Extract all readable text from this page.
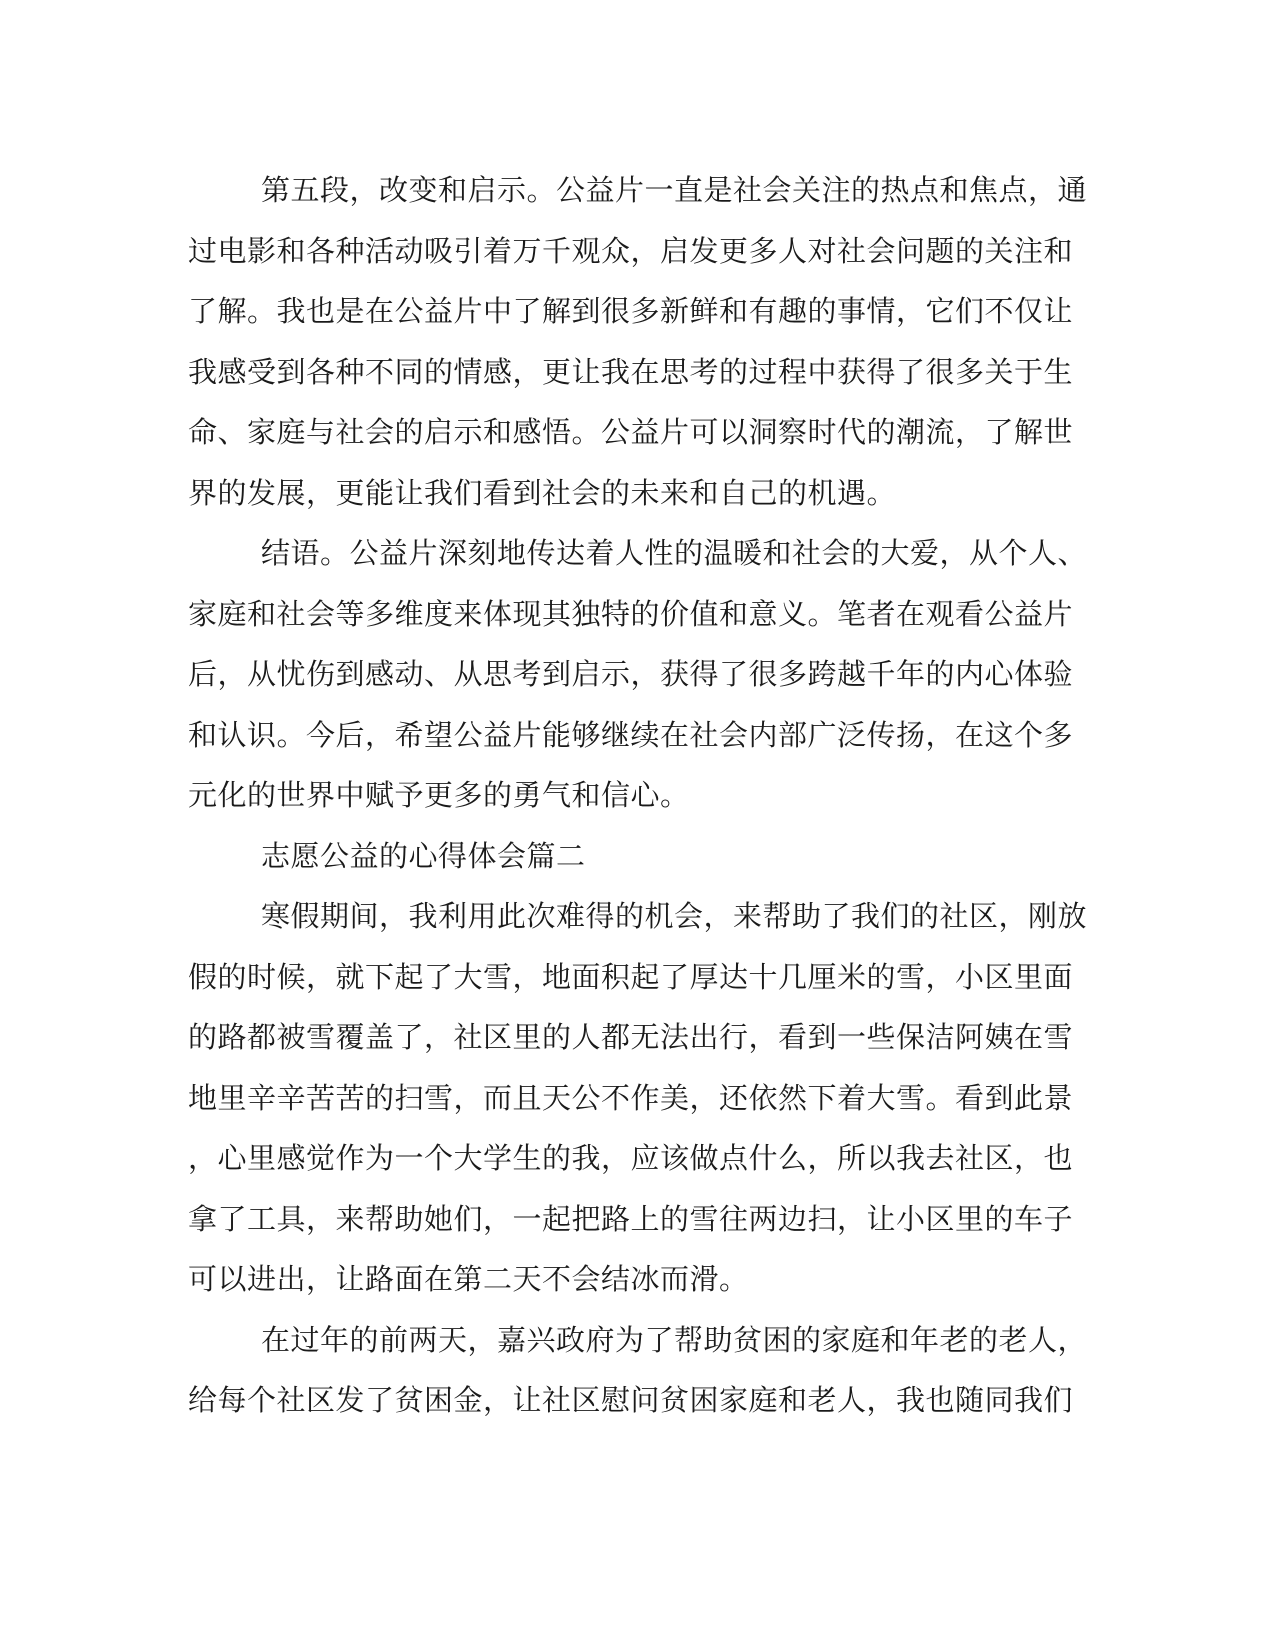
第五段，改变和启示。公益片一直是社会关注的热点和焦点，通
过电影和各种活动吸引着万千观众，启发更多人对社会问题的关注和
了解。我也是在公益片中了解到很多新鲜和有趣的事情，它们不仅让
我感受到各种不同的情感，更让我在思考的过程中获得了很多关于生
命、家庭与社会的启示和感悟。公益片可以洞察时代的潮流，了解世
界的发展，更能让我们看到社会的未来和自己的机遇。
结语。公益片深刻地传达着人性的温暖和社会的大爱，从个人、
家庭和社会等多维度来体现其独特的价值和意义。笔者在观看公益片
后，从忧伤到感动、从思考到启示，获得了很多跨越千年的内心体验
和认识。今后，希望公益片能够继续在社会内部广泛传扬，在这个多
元化的世界中赋予更多的勇气和信心。
志愿公益的心得体会篇二
寒假期间，我利用此次难得的机会，来帮助了我们的社区，刚放
假的时候，就下起了大雪，地面积起了厚达十几厘米的雪，小区里面
的路都被雪覆盖了，社区里的人都无法出行，看到一些保洁阿姨在雪
地里辛辛苦苦的扫雪，而且天公不作美，还依然下着大雪。看到此景
，心里感觉作为一个大学生的我，应该做点什么，所以我去社区，也
拿了工具，来帮助她们，一起把路上的雪往两边扫，让小区里的车子
可以进出，让路面在第二天不会结冰而滑。
在过年的前两天，嘉兴政府为了帮助贫困的家庭和年老的老人，
给每个社区发了贫困金，让社区慰问贫困家庭和老人，我也随同我们
